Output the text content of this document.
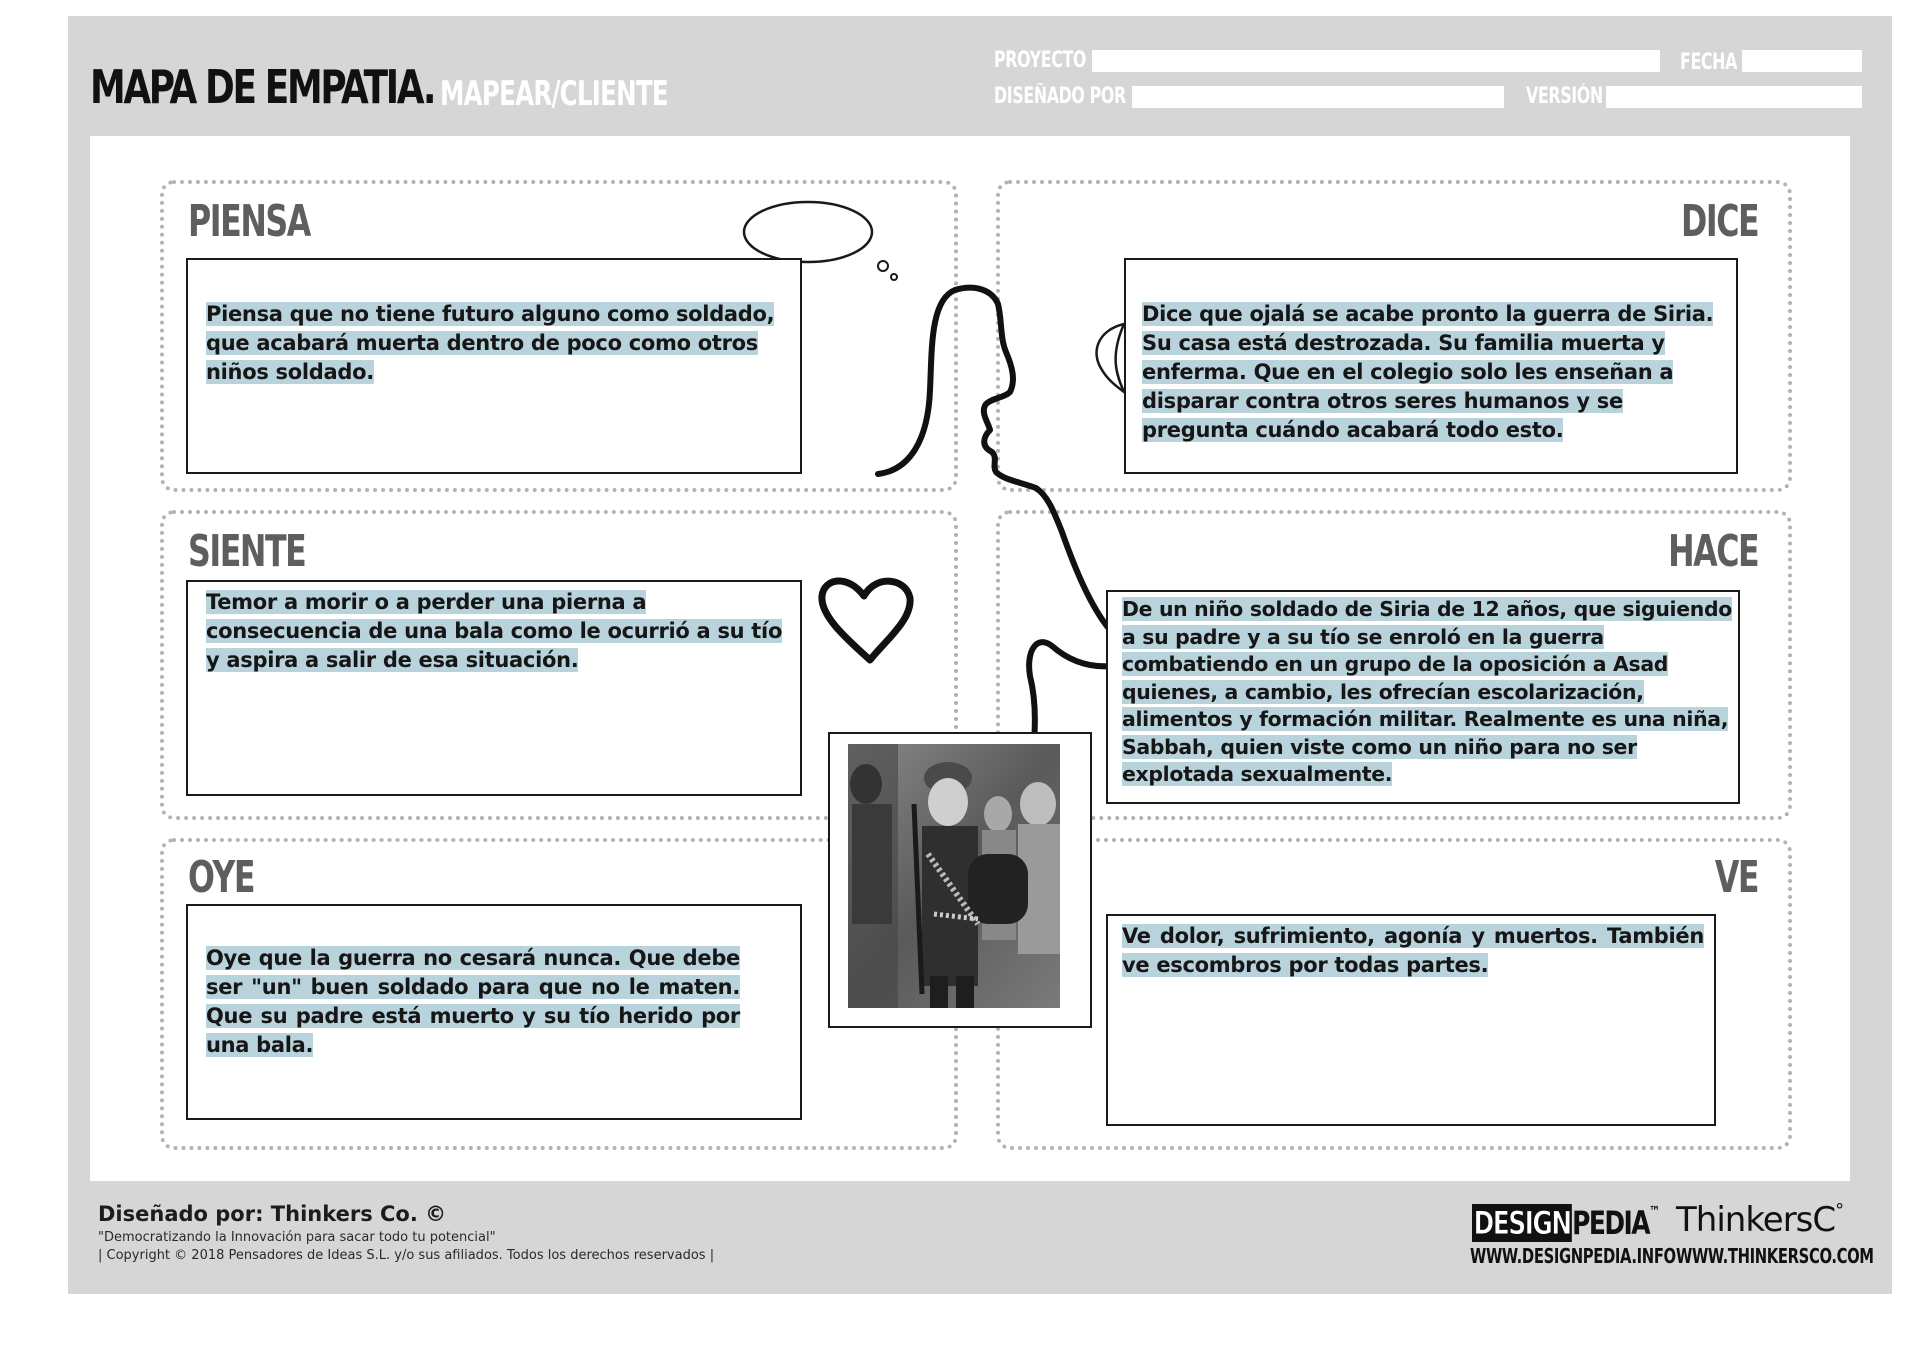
MAPA DE EMPATIA. MAPEAR/CLIENTE
PROYECTO	FECHA
DISEÑADO POR	VERSIÓN
PIENSA	DICE
SIENTE	HACE
OYE	VE

Piensa que no tiene futuro alguno como soldado, que acabará muerta dentro de poco como otros niños soldado.

Dice que ojalá se acabe pronto la guerra de Siria. Su casa está destrozada. Su familia muerta y enferma. Que en el colegio solo les enseñan a disparar contra otros seres humanos y se pregunta cuándo acabará todo esto.

Temor a morir o a perder una pierna a consecuencia de una bala como le ocurrió a su tío y aspira a salir de esa situación.

De un niño soldado de Siria de 12 años, que siguiendo a su padre y a su tío se enroló en la guerra combatiendo en un grupo de la oposición a Asad quienes, a cambio, les ofrecían escolarización, alimentos y formación militar. Realmente es una niña, Sabbah, quien viste como un niño para no ser explotada sexualmente.

Oye que la guerra no cesará nunca. Que debe ser "un" buen soldado para que no le maten. Que su padre está muerto y su tío herido por una bala.

Ve dolor, sufrimiento, agonía y muertos. También ve escombros por todas partes.

Diseñado por: Thinkers Co. ©
"Democratizando la Innovación para sacar todo tu potencial"
| Copyright © 2018 Pensadores de Ideas S.L. y/o sus afiliados. Todos los derechos reservados |
DESIGNPEDIA™
WWW.DESIGNPEDIA.INFO
ThinkersC°
WWW.THINKERSCO.COM
